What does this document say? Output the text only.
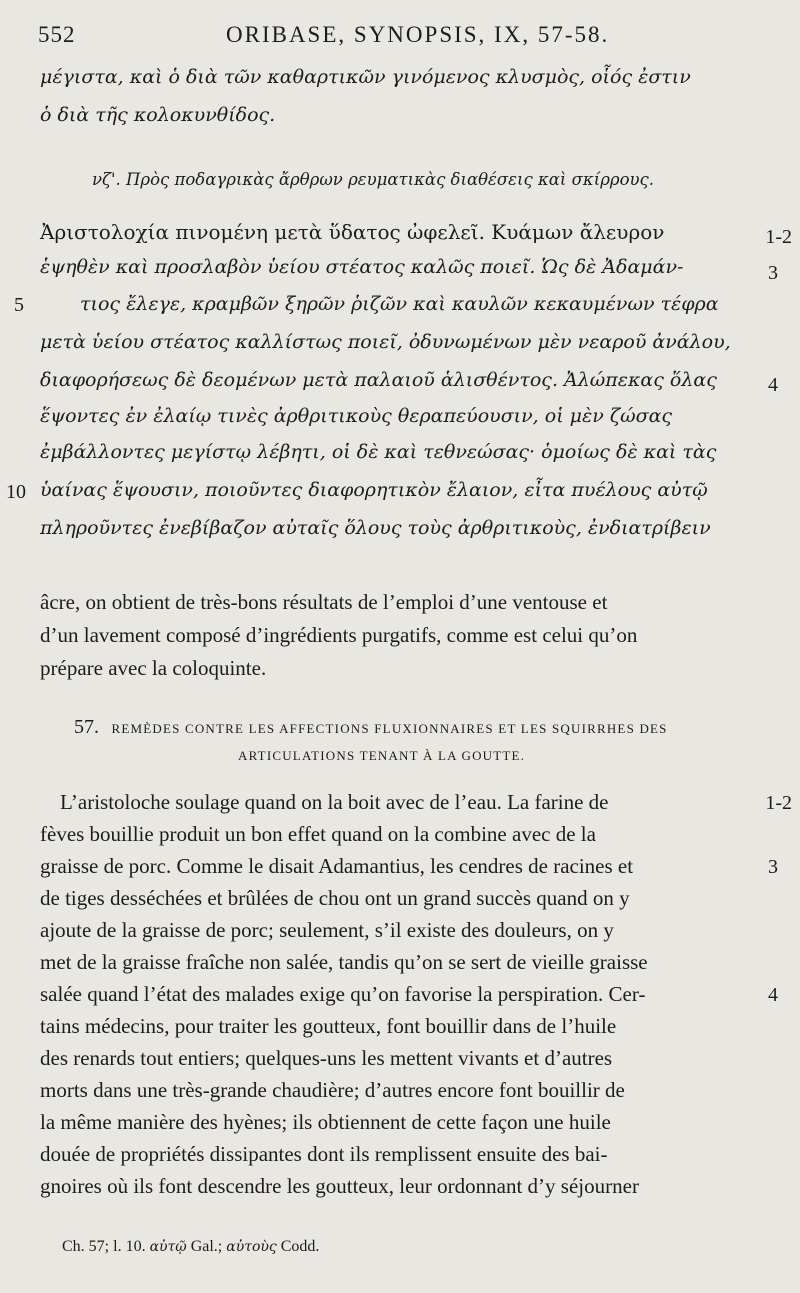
552	ORIBASE, SYNOPSIS, IX, 57-58.
μέγιστα, καὶ ὁ διὰ τῶν καθαρτικῶν γινόμενος κλυσμὸς, οἷός ἐστιν
ὁ διὰ τῆς κολοκυνθίδος.
νζ'. Πρὸς ποδαγρικὰς ἄρθρων ρευματικὰς διαθέσεις καὶ σκίρρους.
Ἀριστολοχία πινομένη μετὰ ὕδατος ὠφελεῖ. Κυάμων ἄλευρον
ἑψηθὲν καὶ προσλαβὸν ὑείου στέατος καλῶς ποιεῖ. Ὡς δὲ Ἀδαμάν-
τιος ἔλεγε, κραμβῶν ξηρῶν ῥιζῶν καὶ καυλῶν κεκαυμένων τέφρα
μετὰ ὑείου στέατος καλλίστως ποιεῖ, ὀδυνωμένων μὲν νεαροῦ ἀνάλου,
διαφορήσεως δὲ δεομένων μετὰ παλαιοῦ ἁλισθέντος. Ἀλώπεκας ὅλας
ἕψοντες ἐν ἐλαίῳ τινὲς ἀρθριτικοὺς θεραπεύουσιν, οἱ μὲν ζώσας
ἐμβάλλοντες μεγίστῳ λέβητι, οἱ δὲ καὶ τεθνεώσας· ὁμοίως δὲ καὶ τὰς
ὑαίνας ἕψουσιν, ποιοῦντες διαφορητικὸν ἔλαιον, εἶτα πυέλους αὐτῷ
πληροῦντες ἐνεβίβαζον αὐταῖς ὅλους τοὺς ἀρθριτικοὺς, ἐνδιατρίβειν
5
10
1-2
3
4
âcre, on obtient de très-bons résultats de l’emploi d’une ventouse et
d’un lavement composé d’ingrédients purgatifs, comme est celui qu’on
prépare avec la coloquinte.
57. REMÈDES CONTRE LES AFFECTIONS FLUXIONNAIRES ET LES SQUIRRHES DES
ARTICULATIONS TENANT À LA GOUTTE.
L’aristoloche soulage quand on la boit avec de l’eau. La farine de
fèves bouillie produit un bon effet quand on la combine avec de la
graisse de porc. Comme le disait Adamantius, les cendres de racines et
de tiges desséchées et brûlées de chou ont un grand succès quand on y
ajoute de la graisse de porc; seulement, s’il existe des douleurs, on y
met de la graisse fraîche non salée, tandis qu’on se sert de vieille graisse
salée quand l’état des malades exige qu’on favorise la perspiration. Cer-
tains médecins, pour traiter les goutteux, font bouillir dans de l’huile
des renards tout entiers; quelques-uns les mettent vivants et d’autres
morts dans une très-grande chaudière; d’autres encore font bouillir de
la même manière des hyènes; ils obtiennent de cette façon une huile
douée de propriétés dissipantes dont ils remplissent ensuite des bai-
gnoires où ils font descendre les goutteux, leur ordonnant d’y séjourner
1-2
3
4
Ch. 57; l. 10. αὐτῷ Gal.; αὐτοὺς Codd.
